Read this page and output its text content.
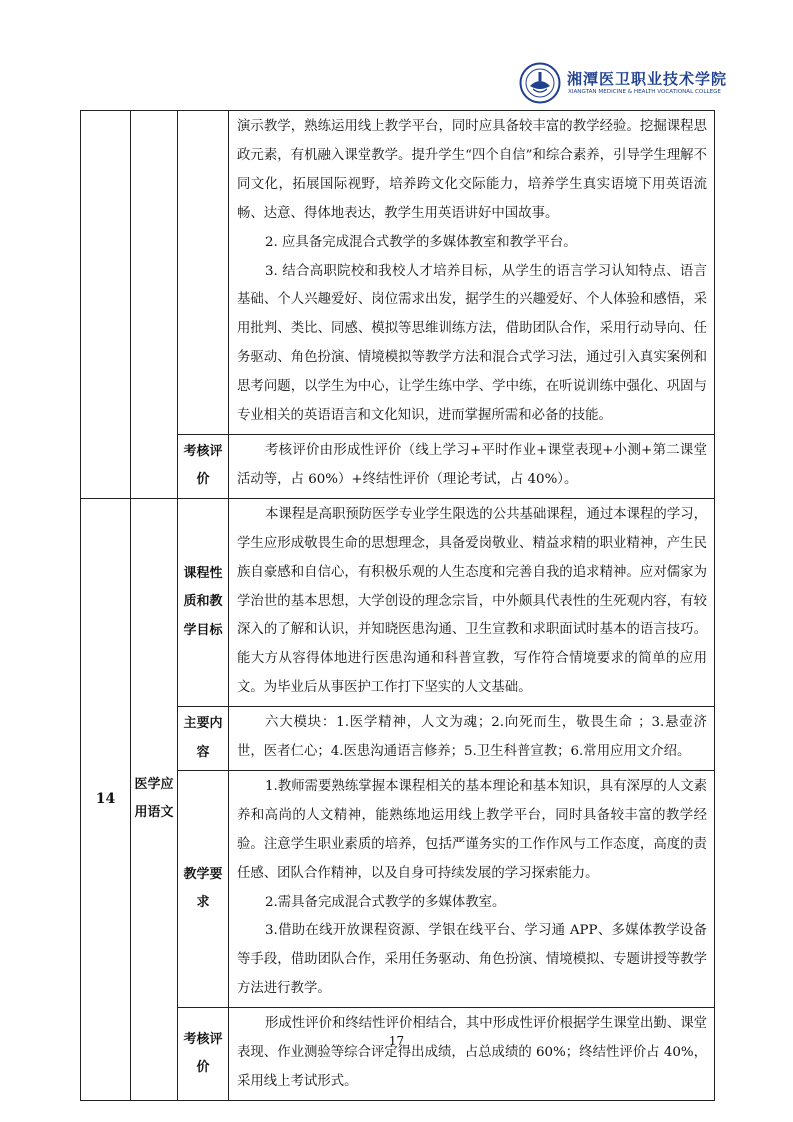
湘潭医卫职业技术学院
XIANGTAN MEDICINE & HEALTH VOCATIONAL COLLEGE

			演示教学，熟练运用线上教学平台，同时应具备较丰富的教学经验。挖掘课程思政元素，有机融入课堂教学。提升学生“四个自信”和综合素养，引导学生理解不同文化，拓展国际视野，培养跨文化交际能力，培养学生真实语境下用英语流畅、达意、得体地表达，教学生用英语讲好中国故事。

2. 应具备完成混合式教学的多媒体教室和教学平台。

3. 结合高职院校和我校人才培养目标，从学生的语言学习认知特点、语言基础、个人兴趣爱好、岗位需求出发，据学生的兴趣爱好、个人体验和感悟，采用批判、类比、同感、模拟等思维训练方法，借助团队合作，采用行动导向、任务驱动、角色扮演、情境模拟等教学方法和混合式学习法，通过引入真实案例和思考问题，以学生为中心，让学生练中学、学中练，在听说训练中强化、巩固与专业相关的英语语言和文化知识，进而掌握所需和必备的技能。

		考核评价	考核评价由形成性评价（线上学习+平时作业+课堂表现+小测+第二课堂活动等，占 60%）+终结性评价（理论考试，占 40%）。

14	医学应用语文	课程性质和教学目标	本课程是高职预防医学专业学生限选的公共基础课程，通过本课程的学习，学生应形成敬畏生命的思想理念，具备爱岗敬业、精益求精的职业精神，产生民族自豪感和自信心，有积极乐观的人生态度和完善自我的追求精神。应对儒家为学治世的基本思想，大学创设的理念宗旨，中外颇具代表性的生死观内容，有较深入的了解和认识，并知晓医患沟通、卫生宣教和求职面试时基本的语言技巧。能大方从容得体地进行医患沟通和科普宣教，写作符合情境要求的简单的应用文。为毕业后从事医护工作打下坚实的人文基础。

		主要内容	六大模块：1.医学精神，人文为魂；2.向死而生，敬畏生命 ；3.悬壶济世，医者仁心；4.医患沟通语言修养；5.卫生科普宣教；6.常用应用文介绍。

		教学要求	1.教师需要熟练掌握本课程相关的基本理论和基本知识，具有深厚的人文素养和高尚的人文精神，能熟练地运用线上教学平台，同时具备较丰富的教学经验。注意学生职业素质的培养，包括严谨务实的工作作风与工作态度，高度的责任感、团队合作精神，以及自身可持续发展的学习探索能力。

2.需具备完成混合式教学的多媒体教室。

3.借助在线开放课程资源、学银在线平台、学习通 APP、多媒体教学设备等手段，借助团队合作，采用任务驱动、角色扮演、情境模拟、专题讲授等教学方法进行教学。

		考核评价	形成性评价和终结性评价相结合，其中形成性评价根据学生课堂出勤、课堂表现、作业测验等综合评定得出成绩，占总成绩的 60%；终结性评价占 40%，采用线上考试形式。

17
